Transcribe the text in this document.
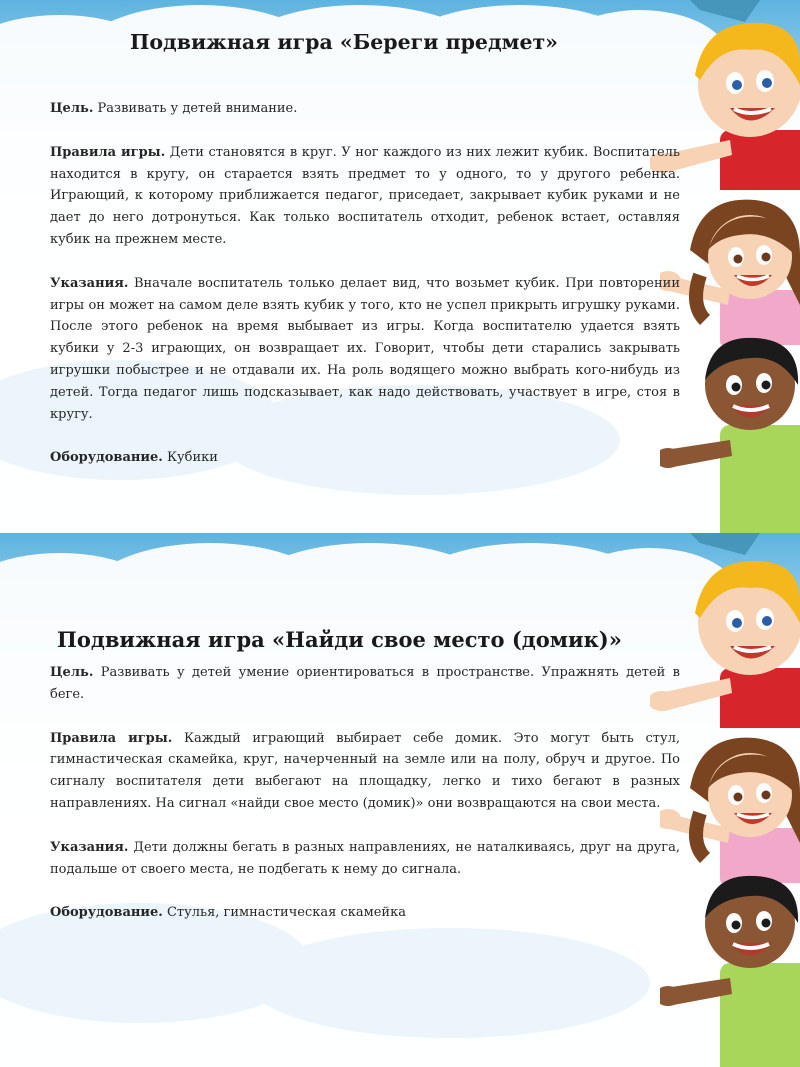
Подвижная игра «Береги предмет»

Цель. Развивать у детей внимание.

Правила игры. Дети становятся в круг. У ног каждого из них лежит кубик. Воспитатель находится в кругу, он старается взять предмет то у одного, то у другого ребенка. Играющий, к которому приближается педагог, приседает, закрывает кубик руками и не дает до него дотронуться. Как только воспитатель отходит, ребенок встает, оставляя кубик на прежнем месте.

Указания. Вначале воспитатель только делает вид, что возьмет кубик. При повторении игры он может на самом деле взять кубик у того, кто не успел прикрыть игрушку руками. После этого ребенок на время выбывает из игры. Когда воспитателю удается взять кубики у 2-3 играющих, он возвращает их. Говорит, чтобы дети старались закрывать игрушки побыстрее и не отдавали их. На роль водящего можно выбрать кого-нибудь из детей. Тогда педагог лишь подсказывает, как надо действовать, участвует в игре, стоя в кругу.

Оборудование. Кубики

Подвижная игра «Найди свое место (домик)»

Цель. Развивать у детей умение ориентироваться в пространстве. Упражнять детей в беге.

Правила игры. Каждый играющий выбирает себе домик. Это могут быть стул, гимнастическая скамейка, круг, начерченный на земле или на полу, обруч и другое. По сигналу воспитателя дети выбегают на площадку, легко и тихо бегают в разных направлениях. На сигнал «найди свое место (домик)» они возвращаются на свои места.

Указания. Дети должны бегать в разных направлениях, не наталкиваясь, друг на друга, подальше от своего места, не подбегать к нему до сигнала.

Оборудование. Стулья, гимнастическая скамейка
